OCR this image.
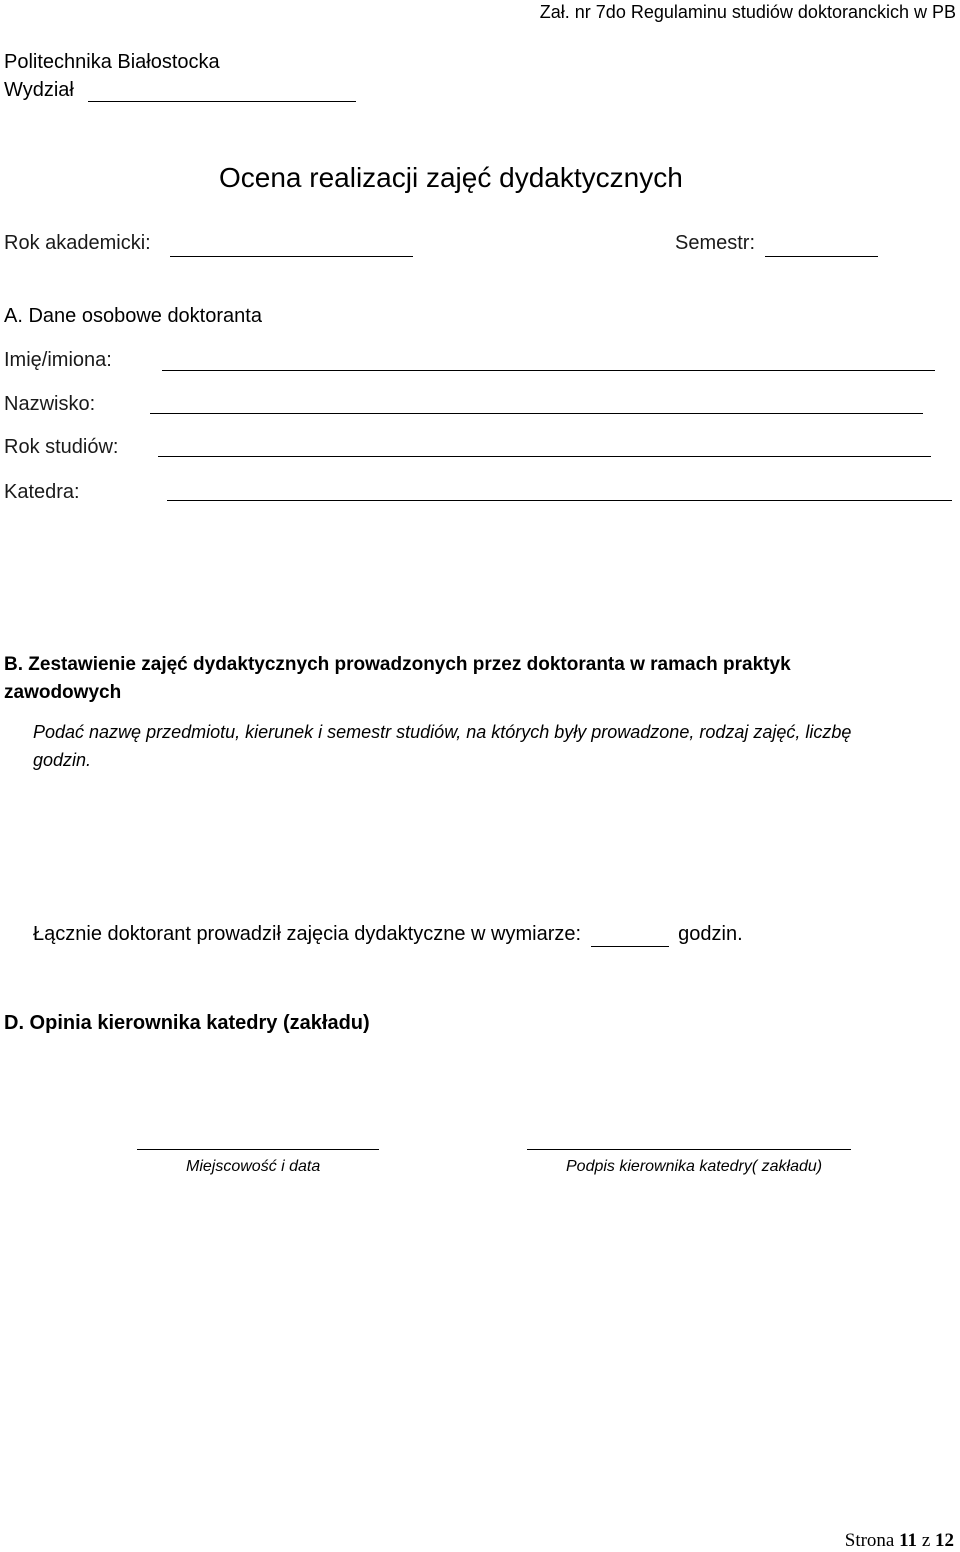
Zał. nr 7do Regulaminu studiów doktoranckich w PB
Politechnika Białostocka
Wydział
Ocena realizacji zajęć dydaktycznych
Rok akademicki:	Semestr:
A. Dane osobowe doktoranta
Imię/imiona:
Nazwisko:
Rok studiów:
Katedra:
B. Zestawienie zajęć dydaktycznych prowadzonych przez doktoranta w ramach praktyk zawodowych
Podać nazwę przedmiotu, kierunek i semestr studiów, na których były prowadzone, rodzaj zajęć, liczbę godzin.
Łącznie doktorant prowadził zajęcia dydaktyczne w wymiarze:	godzin.
D. Opinia kierownika katedry (zakładu)
Miejscowość i data	Podpis kierownika katedry( zakładu)
Strona 11 z 12
